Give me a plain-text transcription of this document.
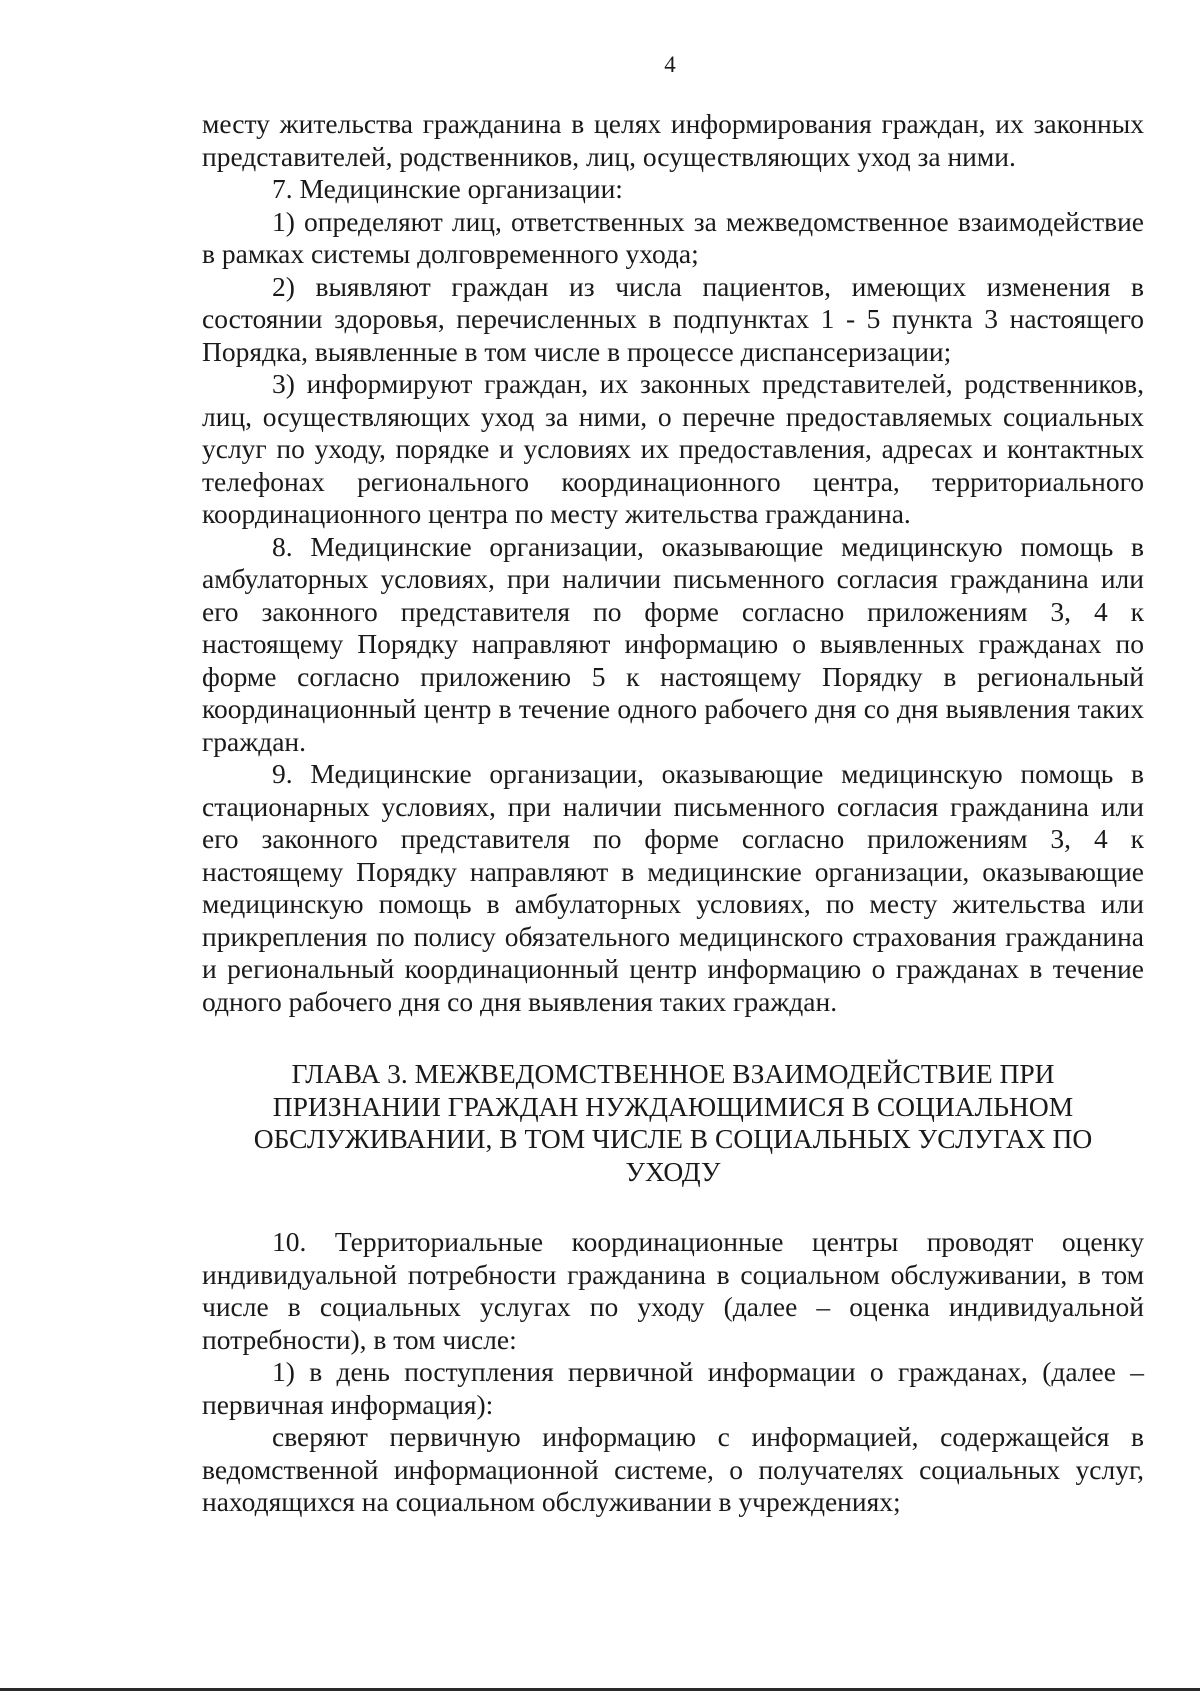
4

месту жительства гражданина в целях информирования граждан, их законных представителей, родственников, лиц, осуществляющих уход за ними.

7. Медицинские организации:

1) определяют лиц, ответственных за межведомственное взаимодействие в рамках системы долговременного ухода;

2) выявляют граждан из числа пациентов, имеющих изменения в состоянии здоровья, перечисленных в подпунктах 1 - 5 пункта 3 настоящего Порядка, выявленные в том числе в процессе диспансеризации;

3) информируют граждан, их законных представителей, родственников, лиц, осуществляющих уход за ними, о перечне предоставляемых социальных услуг по уходу, порядке и условиях их предоставления, адресах и контактных телефонах регионального координационного центра, территориального координационного центра по месту жительства гражданина.

8. Медицинские организации, оказывающие медицинскую помощь в амбулаторных условиях, при наличии письменного согласия гражданина или его законного представителя по форме согласно приложениям 3, 4 к настоящему Порядку направляют информацию о выявленных гражданах по форме согласно приложению 5 к настоящему Порядку в региональный координационный центр в течение одного рабочего дня со дня выявления таких граждан.

9. Медицинские организации, оказывающие медицинскую помощь в стационарных условиях, при наличии письменного согласия гражданина или его законного представителя по форме согласно приложениям 3, 4 к настоящему Порядку направляют в медицинские организации, оказывающие медицинскую помощь в амбулаторных условиях, по месту жительства или прикрепления по полису обязательного медицинского страхования гражданина и региональный координационный центр информацию о гражданах в течение одного рабочего дня со дня выявления таких граждан.

ГЛАВА 3. МЕЖВЕДОМСТВЕННОЕ ВЗАИМОДЕЙСТВИЕ ПРИ ПРИЗНАНИИ ГРАЖДАН НУЖДАЮЩИМИСЯ В СОЦИАЛЬНОМ ОБСЛУЖИВАНИИ, В ТОМ ЧИСЛЕ В СОЦИАЛЬНЫХ УСЛУГАХ ПО УХОДУ

10. Территориальные координационные центры проводят оценку индивидуальной потребности гражданина в социальном обслуживании, в том числе в социальных услугах по уходу (далее – оценка индивидуальной потребности), в том числе:

1) в день поступления первичной информации о гражданах, (далее – первичная информация):

сверяют первичную информацию с информацией, содержащейся в ведомственной информационной системе, о получателях социальных услуг, находящихся на социальном обслуживании в учреждениях;
